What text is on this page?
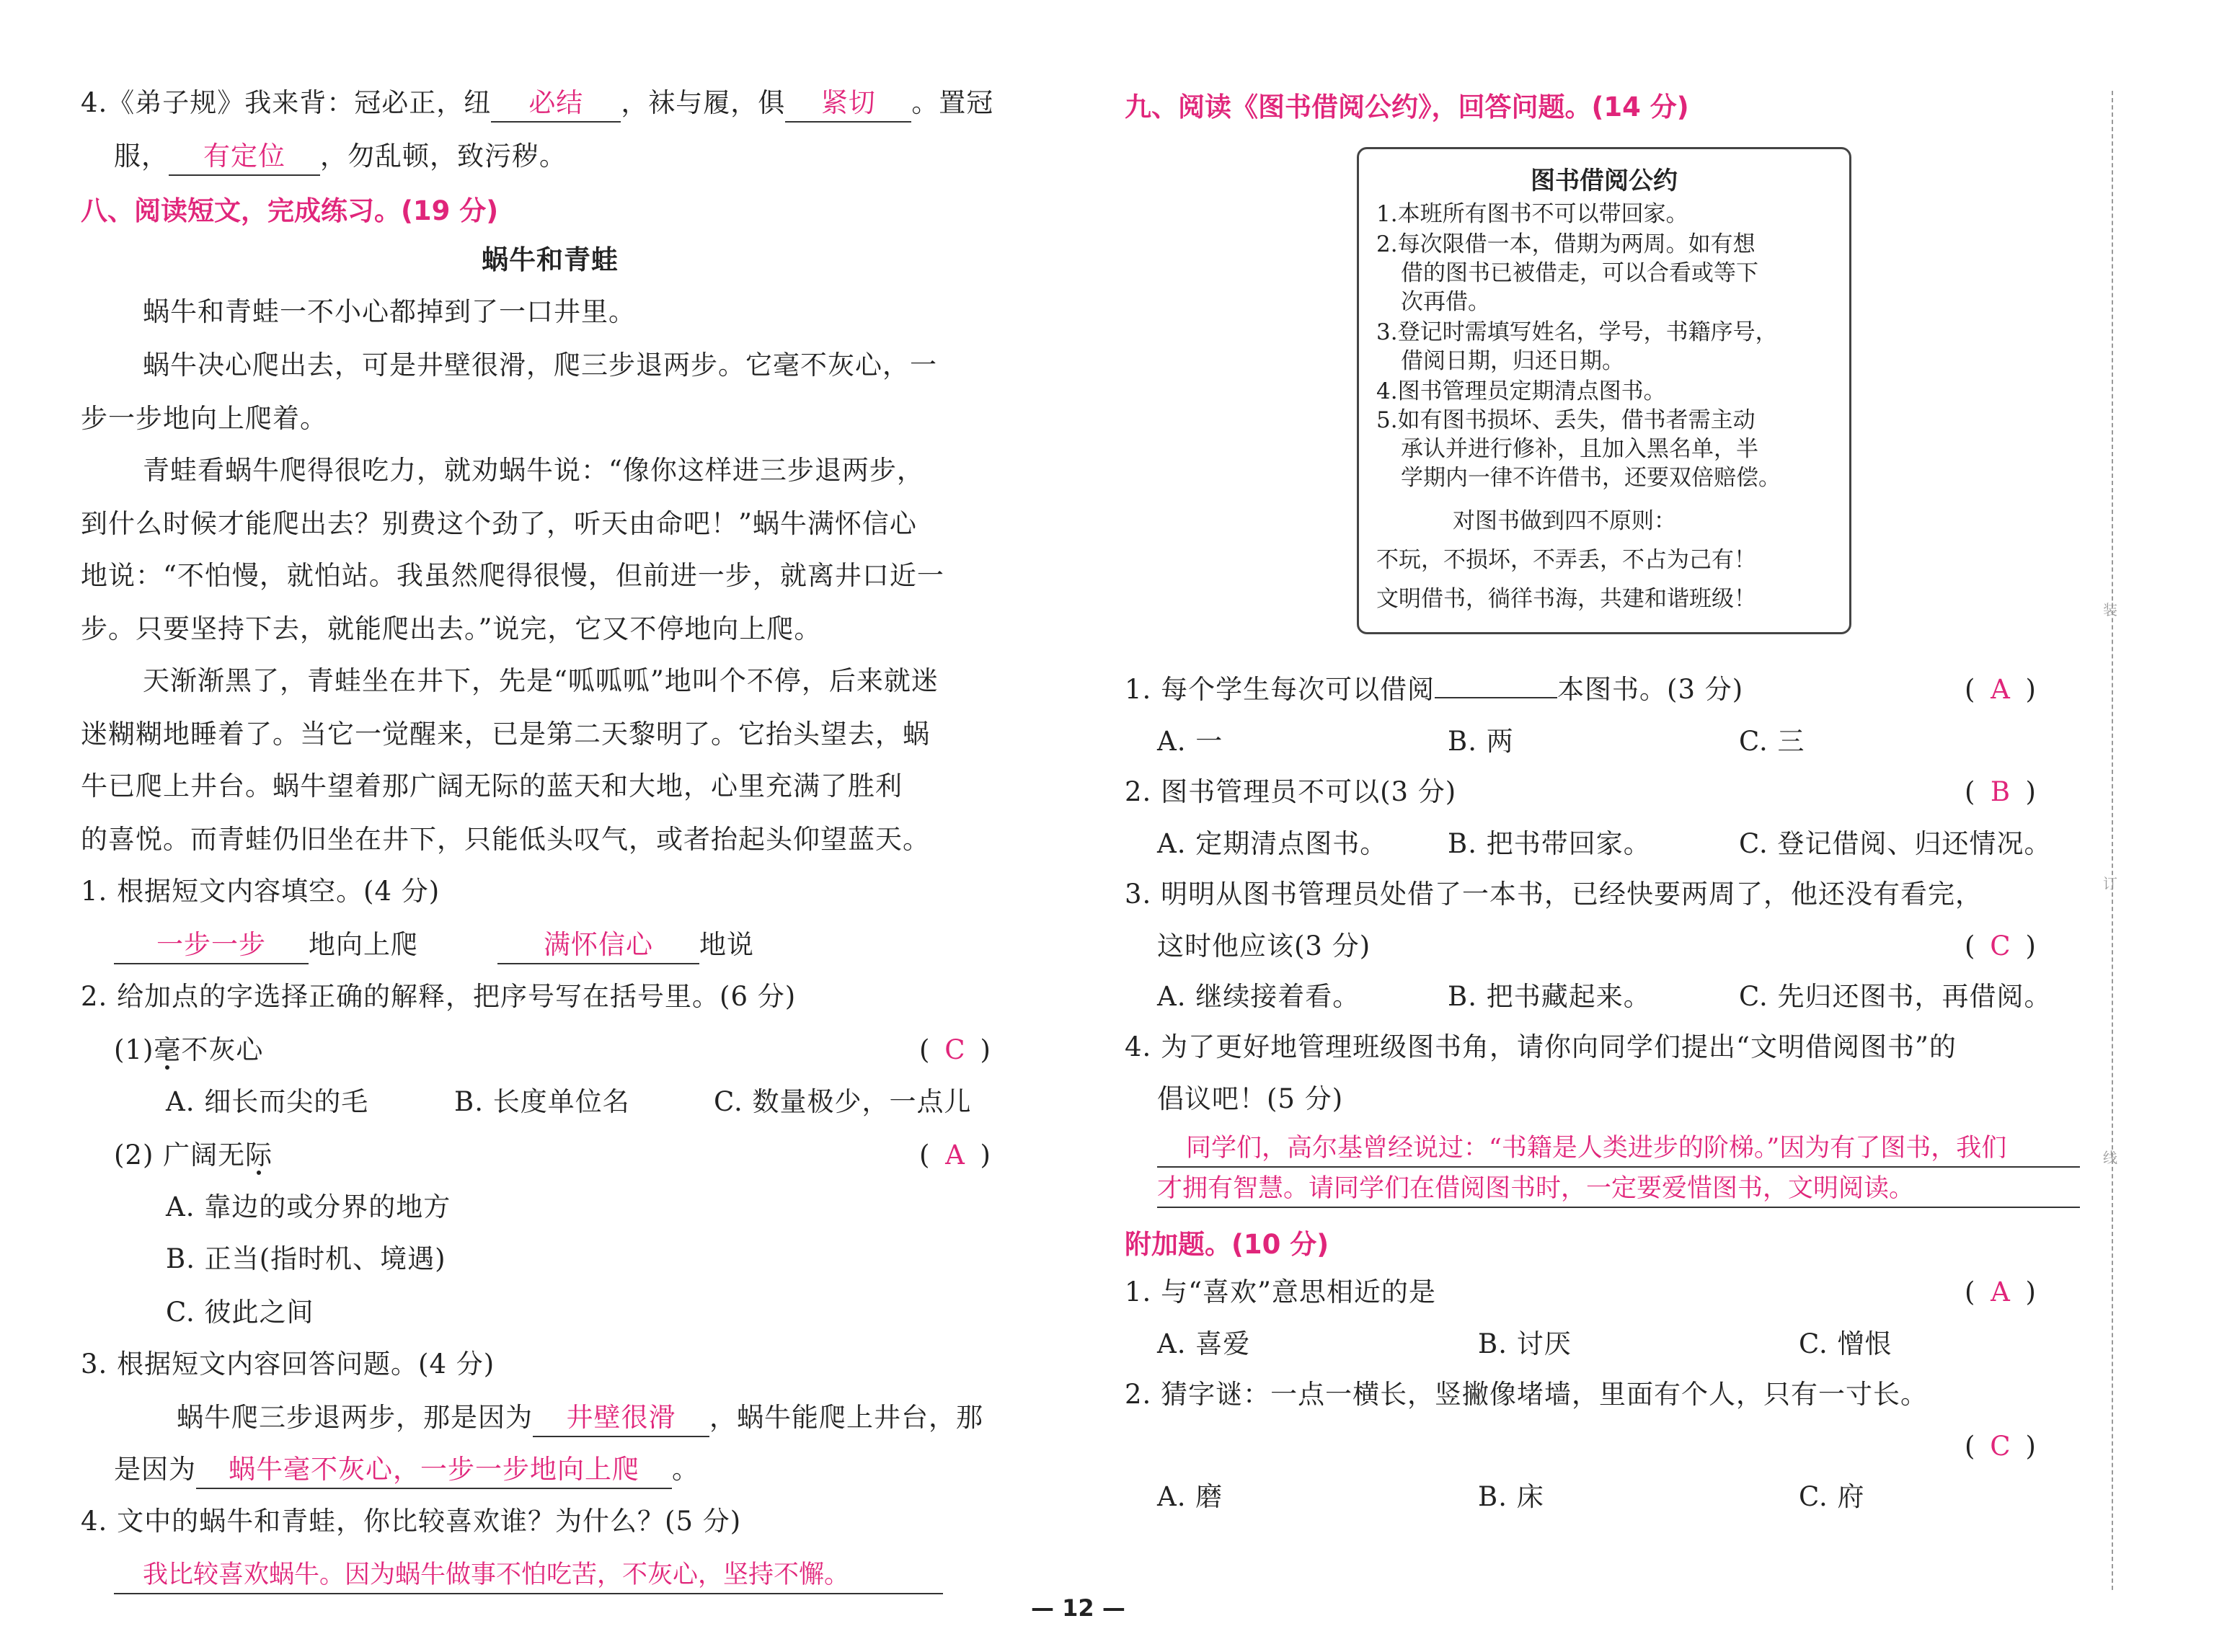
4.《弟子规》我来背：冠必正，纽 必结 ，袜与履，俱 紧切 。置冠
服， 有定位 ，勿乱顿，致污秽。
八、阅读短文，完成练习。(19 分)
蜗牛和青蛙
蜗牛和青蛙一不小心都掉到了一口井里。
蜗牛决心爬出去，可是井壁很滑，爬三步退两步。它毫不灰心，一
步一步地向上爬着。
青蛙看蜗牛爬得很吃力，就劝蜗牛说：“像你这样进三步退两步，
到什么时候才能爬出去？别费这个劲了，听天由命吧！”蜗牛满怀信心
地说：“不怕慢，就怕站。我虽然爬得很慢，但前进一步，就离井口近一
步。只要坚持下去，就能爬出去。”说完，它又不停地向上爬。
天渐渐黑了，青蛙坐在井下，先是“呱呱呱”地叫个不停，后来就迷
迷糊糊地睡着了。当它一觉醒来，已是第二天黎明了。它抬头望去，蜗
牛已爬上井台。蜗牛望着那广阔无际的蓝天和大地，心里充满了胜利
的喜悦。而青蛙仍旧坐在井下，只能低头叹气，或者抬起头仰望蓝天。
1. 根据短文内容填空。(4 分)
一步一步 地向上爬	满怀信心 地说
2. 给加点的字选择正确的解释，把序号写在括号里。(6 分)
(1)毫不灰心	( C )
A. 细长而尖的毛	B. 长度单位名	C. 数量极少，一点儿
(2) 广阔无际	( A )
A. 靠边的或分界的地方
B. 正当(指时机、境遇)
C. 彼此之间
3. 根据短文内容回答问题。(4 分)
蜗牛爬三步退两步，那是因为 井壁很滑 ，蜗牛能爬上井台，那
是因为 蜗牛毫不灰心，一步一步地向上爬 。
4. 文中的蜗牛和青蛙，你比较喜欢谁？为什么？(5 分)
我比较喜欢蜗牛。因为蜗牛做事不怕吃苦，不灰心，坚持不懈。
九、阅读《图书借阅公约》，回答问题。(14 分)
图书借阅公约
1.本班所有图书不可以带回家。
2.每次限借一本，借期为两周。如有想
借的图书已被借走，可以合看或等下
次再借。
3.登记时需填写姓名，学号，书籍序号，
借阅日期，归还日期。
4.图书管理员定期清点图书。
5.如有图书损坏、丢失，借书者需主动
承认并进行修补，且加入黑名单，半
学期内一律不许借书，还要双倍赔偿。
对图书做到四不原则：
不玩，不损坏，不弄丢，不占为己有！
文明借书，徜徉书海，共建和谐班级！
1. 每个学生每次可以借阅	本图书。(3 分)	( A )
A. 一	B. 两	C. 三
2. 图书管理员不可以(3 分)	( B )
A. 定期清点图书。 B. 把书带回家。	C. 登记借阅、归还情况。
3. 明明从图书管理员处借了一本书，已经快要两周了，他还没有看完，
这时他应该(3 分)	( C )
A. 继续接着看。	B. 把书藏起来。	C. 先归还图书，再借阅。
4. 为了更好地管理班级图书角，请你向同学们提出“文明借阅图书”的
倡议吧！(5 分)
同学们，高尔基曾经说过：“书籍是人类进步的阶梯。”因为有了图书，我们
才拥有智慧。请同学们在借阅图书时，一定要爱惜图书，文明阅读。
附加题。(10 分)
1. 与“喜欢”意思相近的是	( A )
A. 喜爱	B. 讨厌	C. 憎恨
2. 猜字谜：一点一横长，竖撇像堵墙，里面有个人，只有一寸长。
( C )
A. 磨	B. 床	C. 府
装
订
线
— 12 —
